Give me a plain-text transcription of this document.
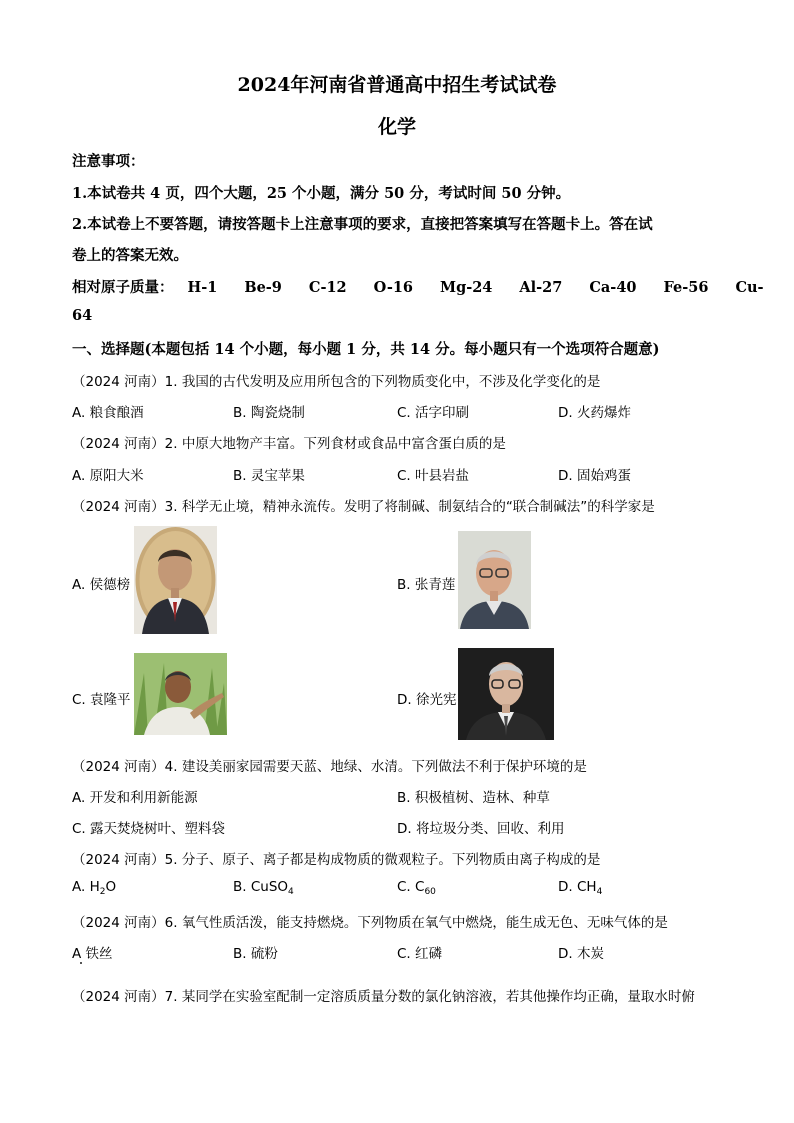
2024年河南省普通高中招生考试试卷
化学
注意事项：
1.本试卷共 4 页，四个大题，25 个小题，满分 50 分，考试时间 50 分钟。
2.本试卷上不要答题，请按答题卡上注意事项的要求，直接把答案填写在答题卡上。答在试
卷上的答案无效。
相对原子质量： H-1 Be-9 C-12 O-16 Mg-24 Al-27 Ca-40 Fe-56 Cu-
64
一、选择题(本题包括 14 个小题，每小题 1 分，共 14 分。每小题只有一个选项符合题意)
（2024 河南）1. 我国的古代发明及应用所包含的下列物质变化中，不涉及化学变化的是
A. 粮食酿酒	B. 陶瓷烧制	C. 活字印刷	D. 火药爆炸
（2024 河南）2. 中原大地物产丰富。下列食材或食品中富含蛋白质的是
A. 原阳大米	B. 灵宝苹果	C. 叶县岩盐	D. 固始鸡蛋
（2024 河南）3. 科学无止境，精神永流传。发明了将制碱、制氨结合的“联合制碱法”的科学家是
A. 侯德榜	B. 张青莲
C. 袁隆平	D. 徐光宪
（2024 河南）4. 建设美丽家园需要天蓝、地绿、水清。下列做法不利于保护环境的是
A. 开发和利用新能源	B. 积极植树、造林、种草
C. 露天焚烧树叶、塑料袋	D. 将垃圾分类、回收、利用
（2024 河南）5. 分子、原子、离子都是构成物质的微观粒子。下列物质由离子构成的是
A. $H_2O$	B. CuSO$_4$	C. $C_{60}$	D. $CH_4$
（2024 河南）6. 氧气性质活泼，能支持燃烧。下列物质在氧气中燃烧，能生成无色、无味气体的是
A 铁丝	B. 硫粉	C. 红磷	D. 木炭
（2024 河南）7. 某同学在实验室配制一定溶质质量分数的氯化钠溶液，若其他操作均正确，量取水时俯
